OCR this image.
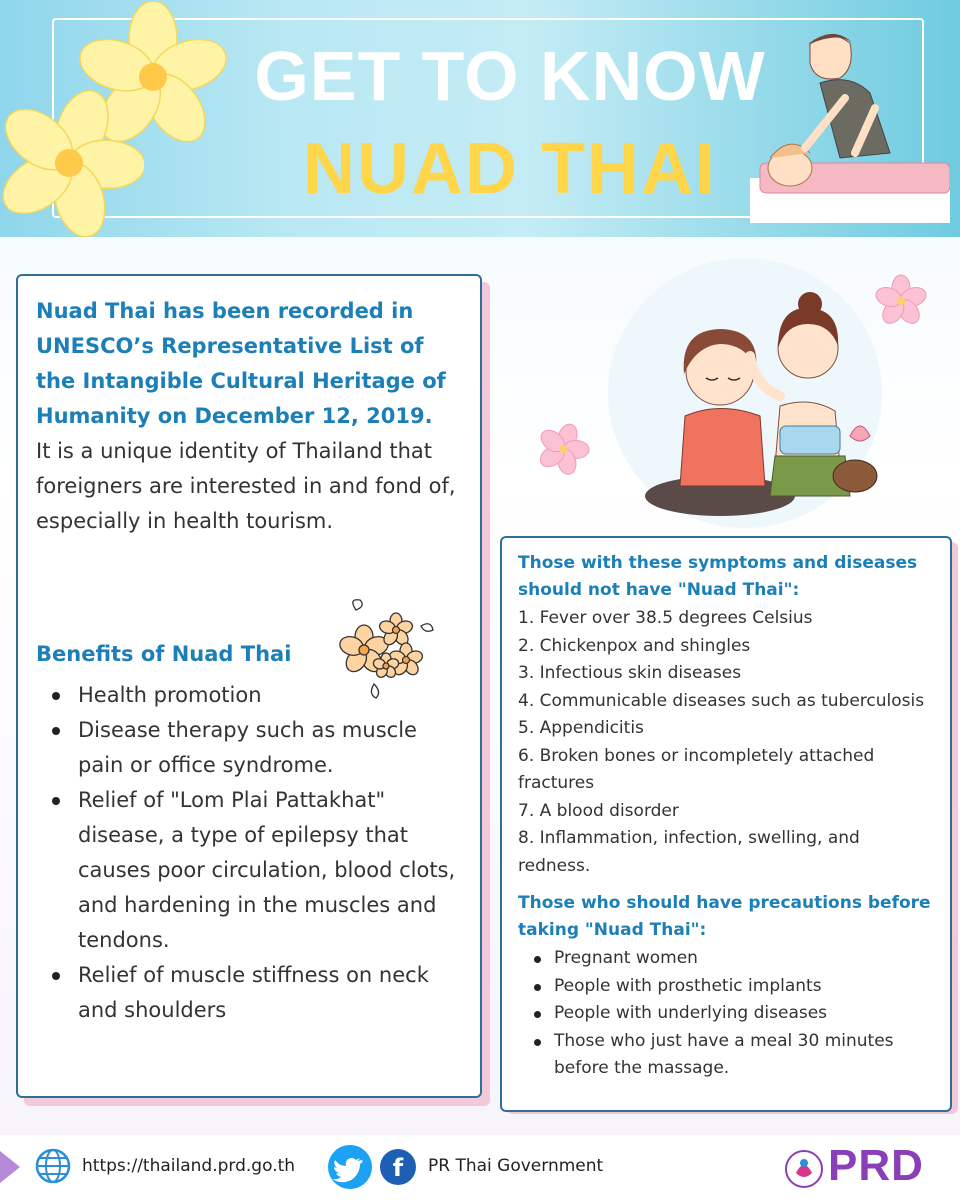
GET TO KNOW
NUAD THAI
Nuad Thai has been recorded in UNESCO’s Representative List of the Intangible Cultural Heritage of Humanity on December 12, 2019.
It is a unique identity of Thailand that foreigners are interested in and fond of, especially in health tourism.
Benefits of Nuad Thai
Health promotion
Disease therapy such as muscle pain or office syndrome.
Relief of "Lom Plai Pattakhat" disease, a type of epilepsy that causes poor circulation, blood clots, and hardening in the muscles and tendons.
Relief of muscle stiffness on neck and shoulders
Those with these symptoms and diseases should not have "Nuad Thai":
1. Fever over 38.5 degrees Celsius
2. Chickenpox and shingles
3. Infectious skin diseases
4. Communicable diseases such as tuberculosis
5. Appendicitis
6. Broken bones or incompletely attached fractures
7. A blood disorder
8. Inflammation, infection, swelling, and redness.
Those who should have precautions before taking "Nuad Thai":
Pregnant women
People with prosthetic implants
People with underlying diseases
Those who just have a meal 30 minutes before the massage.
https://thailand.prd.go.th	f	PR Thai Government	PRD
